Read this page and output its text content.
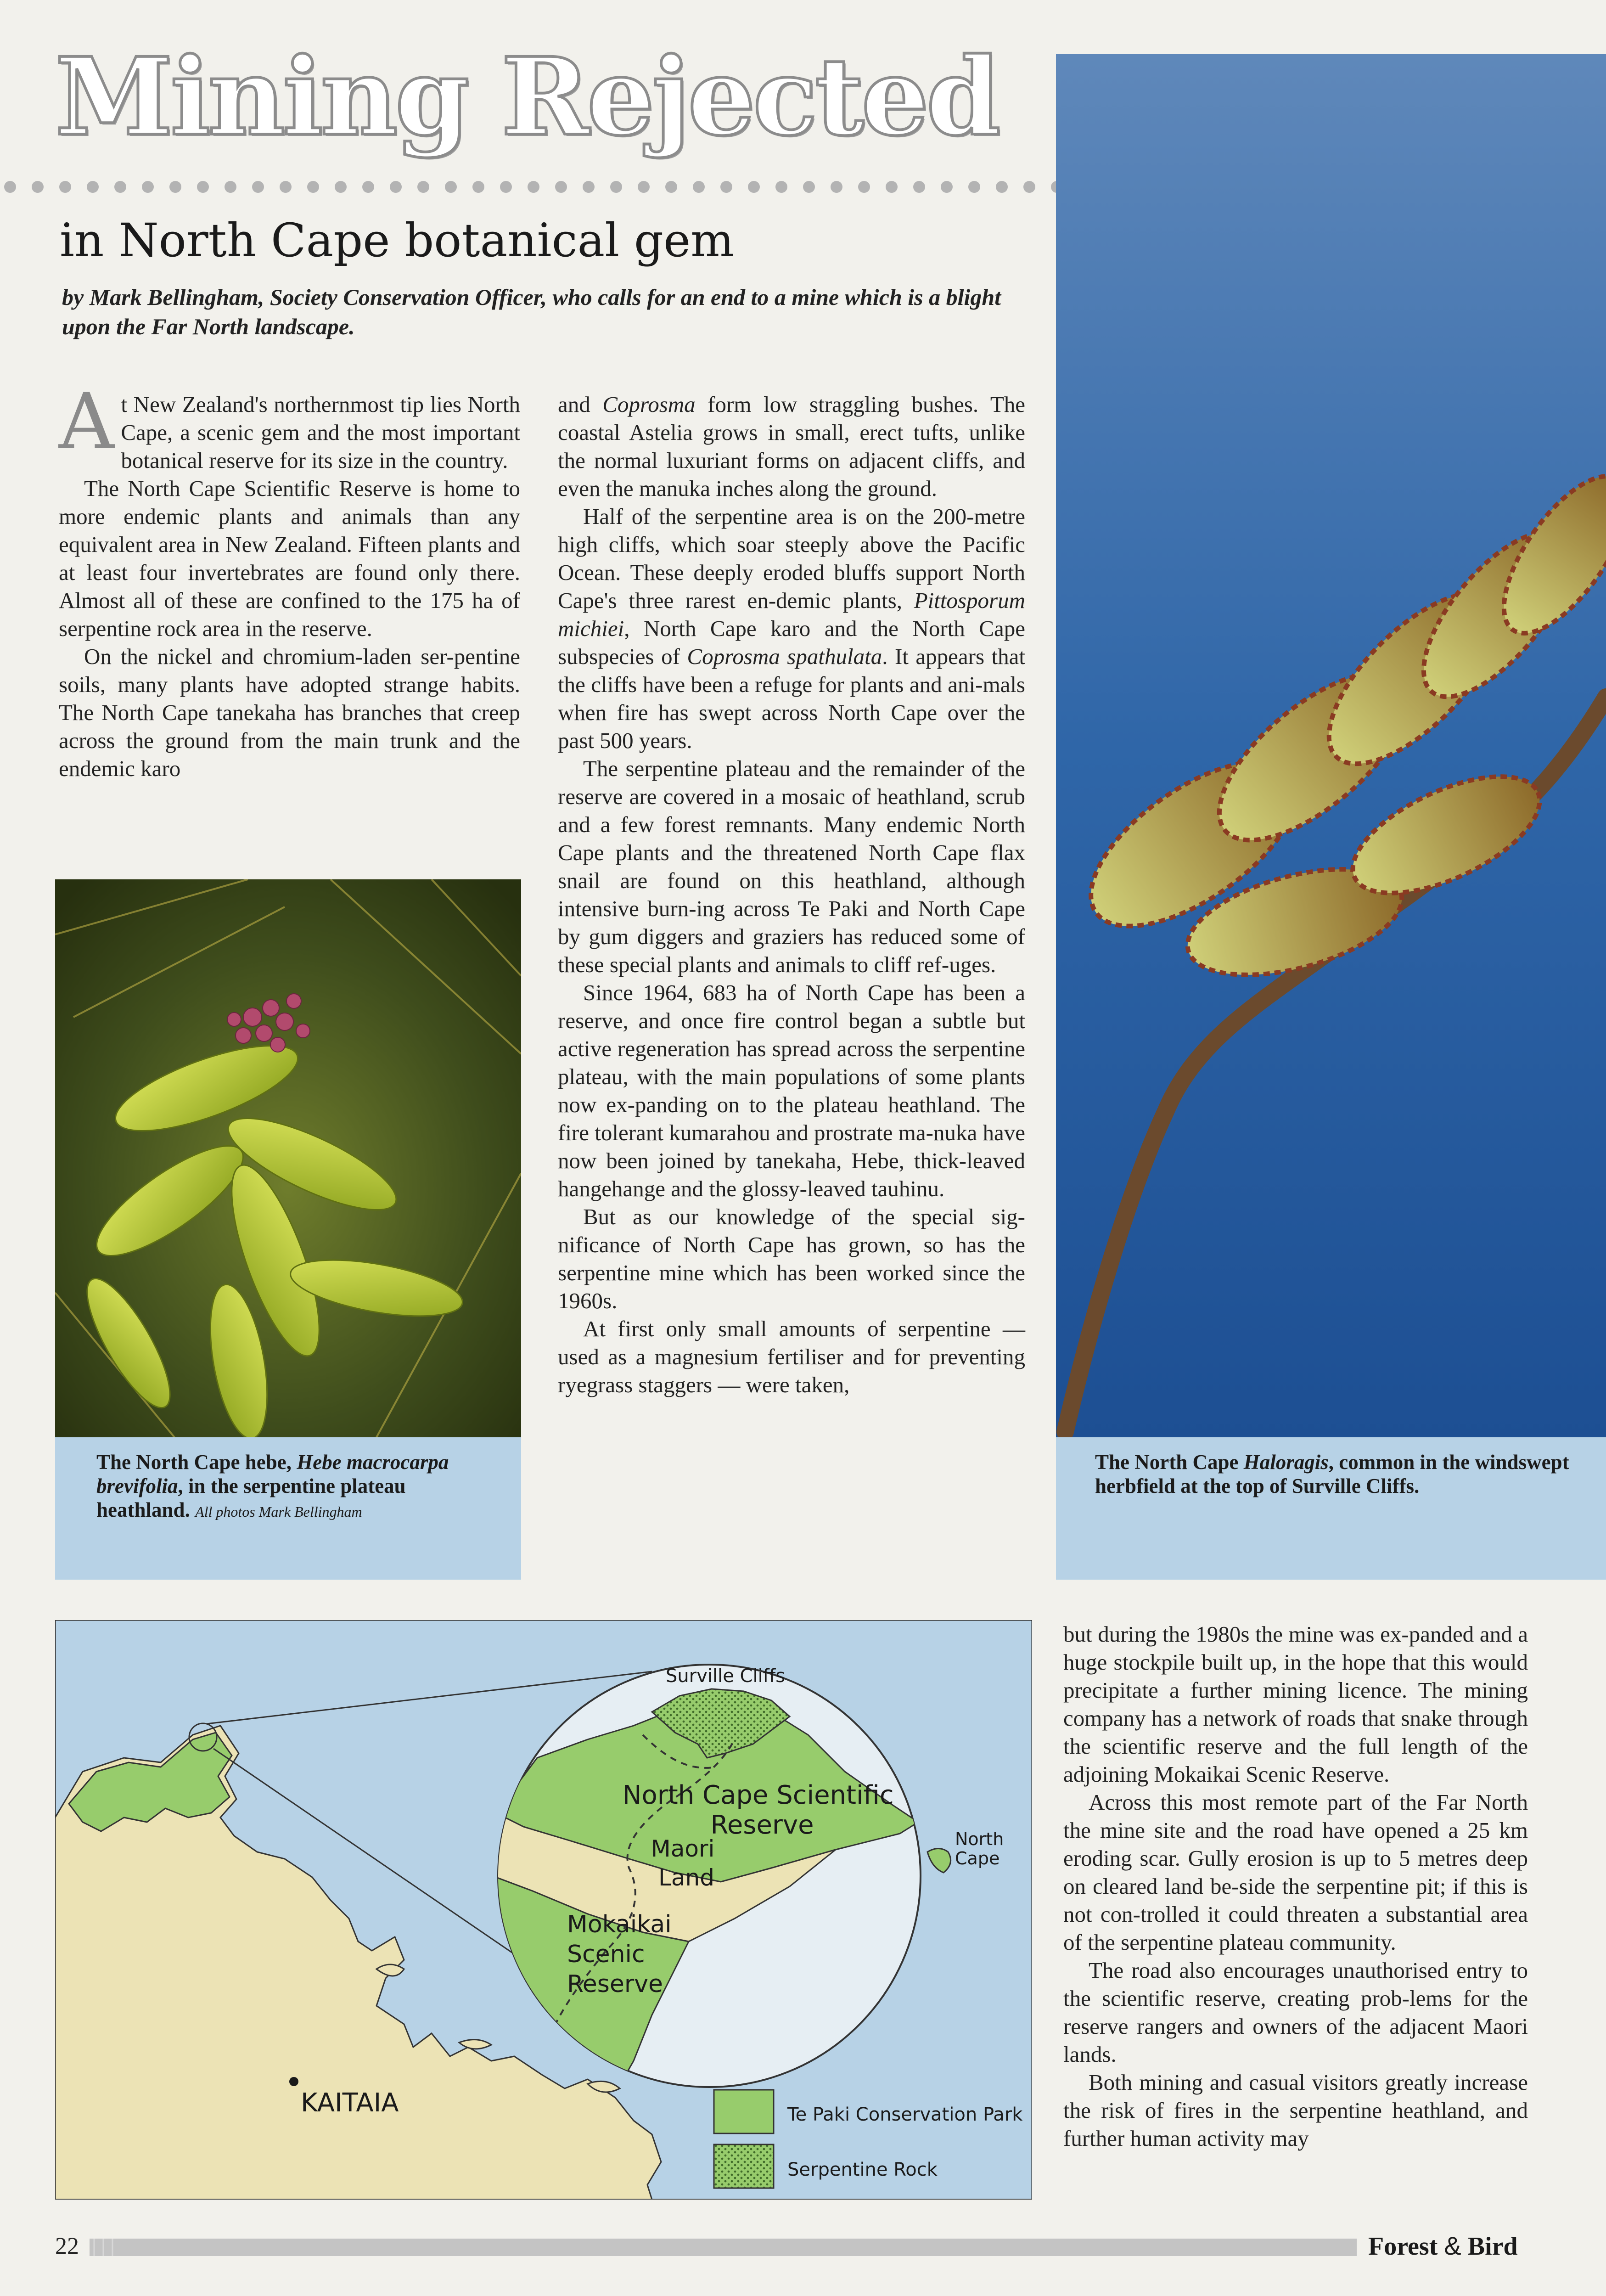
Mining Rejected
in North Cape botanical gem

by Mark Bellingham, Society Conservation Officer, who calls for an end to a mine which is a blight upon the Far North landscape.

At New Zealand's northernmost tip lies North Cape, a scenic gem and the most important botanical reserve for its size in the country.

The North Cape Scientific Reserve is home to more endemic plants and animals than any equivalent area in New Zealand. Fifteen plants and at least four invertebrates are found only there. Almost all of these are confined to the 175 ha of serpentine rock area in the reserve.

On the nickel and chromium-laden ser-pentine soils, many plants have adopted strange habits. The North Cape tanekaha has branches that creep across the ground from the main trunk and the endemic karo

The North Cape hebe, Hebe macrocarpa brevifolia, in the serpentine plateau heathland. All photos Mark Bellingham

and Coprosma form low straggling bushes. The coastal Astelia grows in small, erect tufts, unlike the normal luxuriant forms on adjacent cliffs, and even the manuka inches along the ground.

Half of the serpentine area is on the 200-metre high cliffs, which soar steeply above the Pacific Ocean. These deeply eroded bluffs support North Cape's three rarest en-demic plants, Pittosporum michiei, North Cape karo and the North Cape subspecies of Coprosma spathulata. It appears that the cliffs have been a refuge for plants and ani-mals when fire has swept across North Cape over the past 500 years.

The serpentine plateau and the remainder of the reserve are covered in a mosaic of heathland, scrub and a few forest remnants. Many endemic North Cape plants and the threatened North Cape flax snail are found on this heathland, although intensive burn-ing across Te Paki and North Cape by gum diggers and graziers has reduced some of these special plants and animals to cliff ref-uges.

Since 1964, 683 ha of North Cape has been a reserve, and once fire control began a subtle but active regeneration has spread across the serpentine plateau, with the main populations of some plants now ex-panding on to the plateau heathland. The fire tolerant kumarahou and prostrate ma-nuka have now been joined by tanekaha, Hebe, thick-leaved hangehange and the glossy-leaved tauhinu.

But as our knowledge of the special sig-nificance of North Cape has grown, so has the serpentine mine which has been worked since the 1960s.

At first only small amounts of serpentine — used as a magnesium fertiliser and for preventing ryegrass staggers — were taken,

The North Cape Haloragis, common in the windswept herbfield at the top of Surville Cliffs.
KAITAIA
Surville Cliffs
North Cape Scientific Reserve
Maori Land
Mokaikai Scenic Reserve
North Cape
Te Paki Conservation Park
Serpentine Rock

but during the 1980s the mine was ex-panded and a huge stockpile built up, in the hope that this would precipitate a further mining licence. The mining company has a network of roads that snake through the scientific reserve and the full length of the adjoining Mokaikai Scenic Reserve.

Across this most remote part of the Far North the mine site and the road have opened a 25 km eroding scar. Gully erosion is up to 5 metres deep on cleared land be-side the serpentine pit; if this is not con-trolled it could threaten a substantial area of the serpentine plateau community.

The road also encourages unauthorised entry to the scientific reserve, creating prob-lems for the reserve rangers and owners of the adjacent Maori lands.

Both mining and casual visitors greatly increase the risk of fires in the serpentine heathland, and further human activity may

22	Forest & Bird
